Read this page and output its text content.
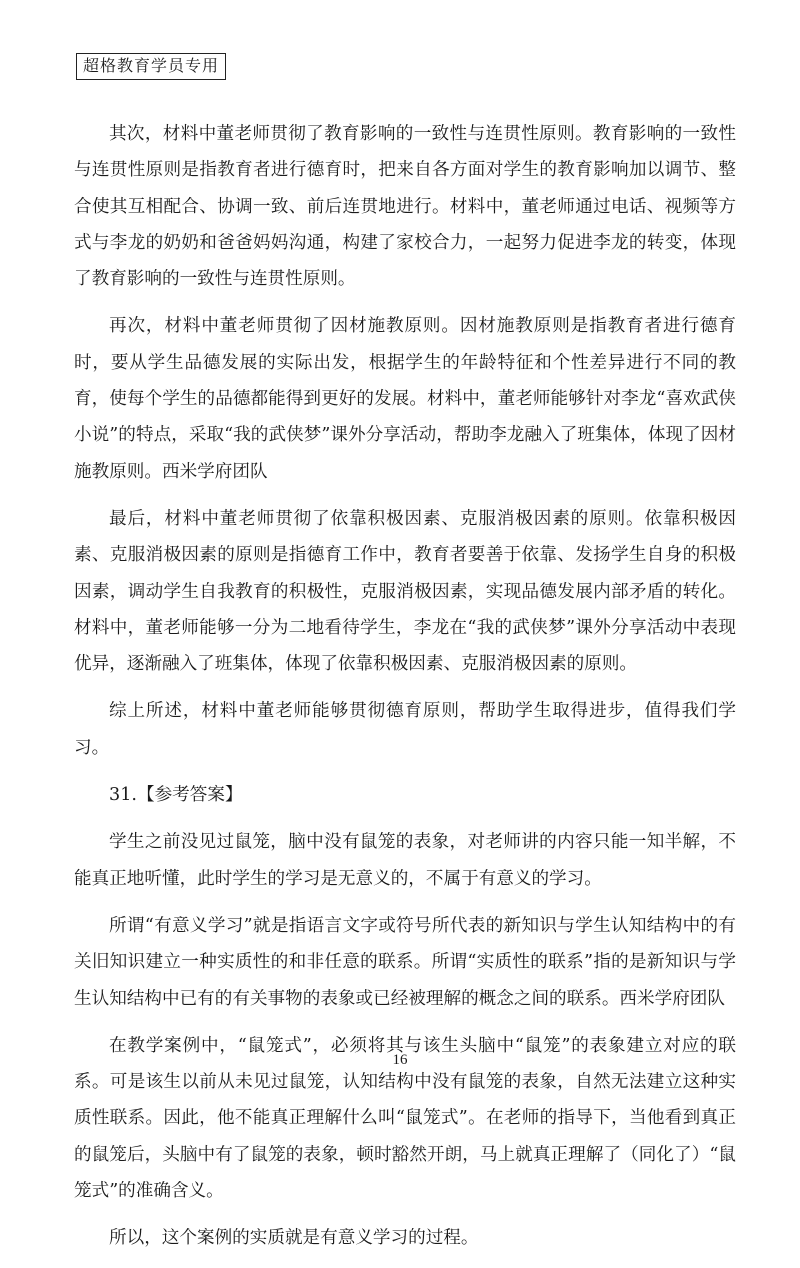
超格教育学员专用

其次，材料中董老师贯彻了教育影响的一致性与连贯性原则。教育影响的一致性与连贯性原则是指教育者进行德育时，把来自各方面对学生的教育影响加以调节、整合使其互相配合、协调一致、前后连贯地进行。材料中，董老师通过电话、视频等方式与李龙的奶奶和爸爸妈妈沟通，构建了家校合力，一起努力促进李龙的转变，体现了教育影响的一致性与连贯性原则。

再次，材料中董老师贯彻了因材施教原则。因材施教原则是指教育者进行德育时，要从学生品德发展的实际出发，根据学生的年龄特征和个性差异进行不同的教育，使每个学生的品德都能得到更好的发展。材料中，董老师能够针对李龙“喜欢武侠小说”的特点，采取“我的武侠梦”课外分享活动，帮助李龙融入了班集体，体现了因材施教原则。西米学府团队

最后，材料中董老师贯彻了依靠积极因素、克服消极因素的原则。依靠积极因素、克服消极因素的原则是指德育工作中，教育者要善于依靠、发扬学生自身的积极因素，调动学生自我教育的积极性，克服消极因素，实现品德发展内部矛盾的转化。材料中，董老师能够一分为二地看待学生，李龙在“我的武侠梦”课外分享活动中表现优异，逐渐融入了班集体，体现了依靠积极因素、克服消极因素的原则。

综上所述，材料中董老师能够贯彻德育原则，帮助学生取得进步，值得我们学习。

31.【参考答案】

学生之前没见过鼠笼，脑中没有鼠笼的表象，对老师讲的内容只能一知半解，不能真正地听懂，此时学生的学习是无意义的，不属于有意义的学习。

所谓“有意义学习”就是指语言文字或符号所代表的新知识与学生认知结构中的有关旧知识建立一种实质性的和非任意的联系。所谓“实质性的联系”指的是新知识与学生认知结构中已有的有关事物的表象或已经被理解的概念之间的联系。西米学府团队

在教学案例中，“鼠笼式”，必须将其与该生头脑中“鼠笼”的表象建立对应的联系。可是该生以前从未见过鼠笼，认知结构中没有鼠笼的表象，自然无法建立这种实质性联系。因此，他不能真正理解什么叫“鼠笼式”。在老师的指导下，当他看到真正的鼠笼后，头脑中有了鼠笼的表象，顿时豁然开朗，马上就真正理解了（同化了）“鼠笼式”的准确含义。

所以，这个案例的实质就是有意义学习的过程。

16
